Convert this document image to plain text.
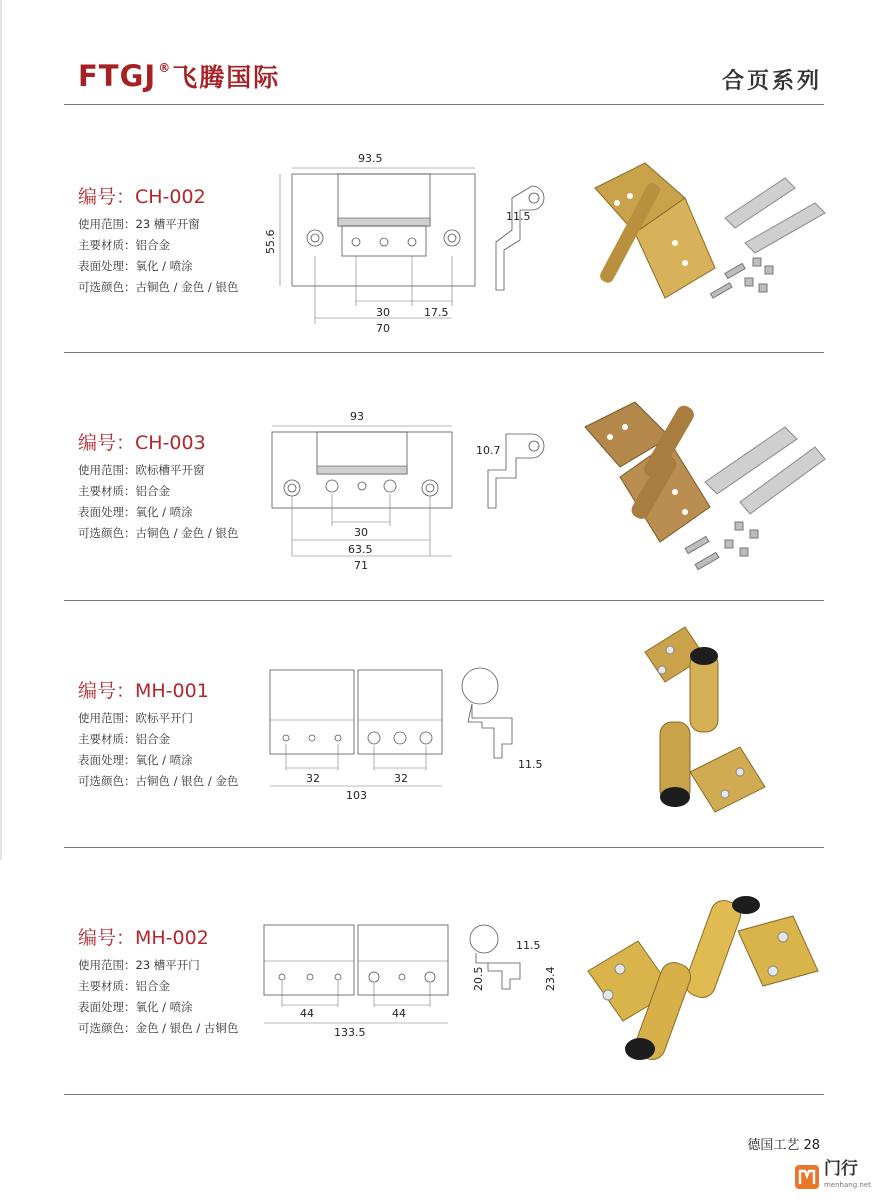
FTGJ ® 飞腾国际	合页系列
编号：CH-002
使用范围：23 槽平开窗
主要材质：铝合金
表面处理：氧化 / 喷涂
可选颜色：古铜色 / 金色 / 银色
93.5
55.6
30	17.5
70
11.5
编号：CH-003
使用范围：欧标槽平开窗
主要材质：铝合金
表面处理：氧化 / 喷涂
可选颜色：古铜色 / 金色 / 银色
93
30
63.5
71
10.7
编号：MH-001
使用范围：欧标平开门
主要材质：铝合金
表面处理：氧化 / 喷涂
可选颜色：古铜色 / 银色 / 金色	32	32
103
11.5
编号：MH-002
使用范围：23 槽平开门
主要材质：铝合金
表面处理：氧化 / 喷涂
可选颜色：金色 / 银色 / 古铜色
44	44
133.5
11.5
20.5	23.4
德国工艺 28
门行
menhang.net
